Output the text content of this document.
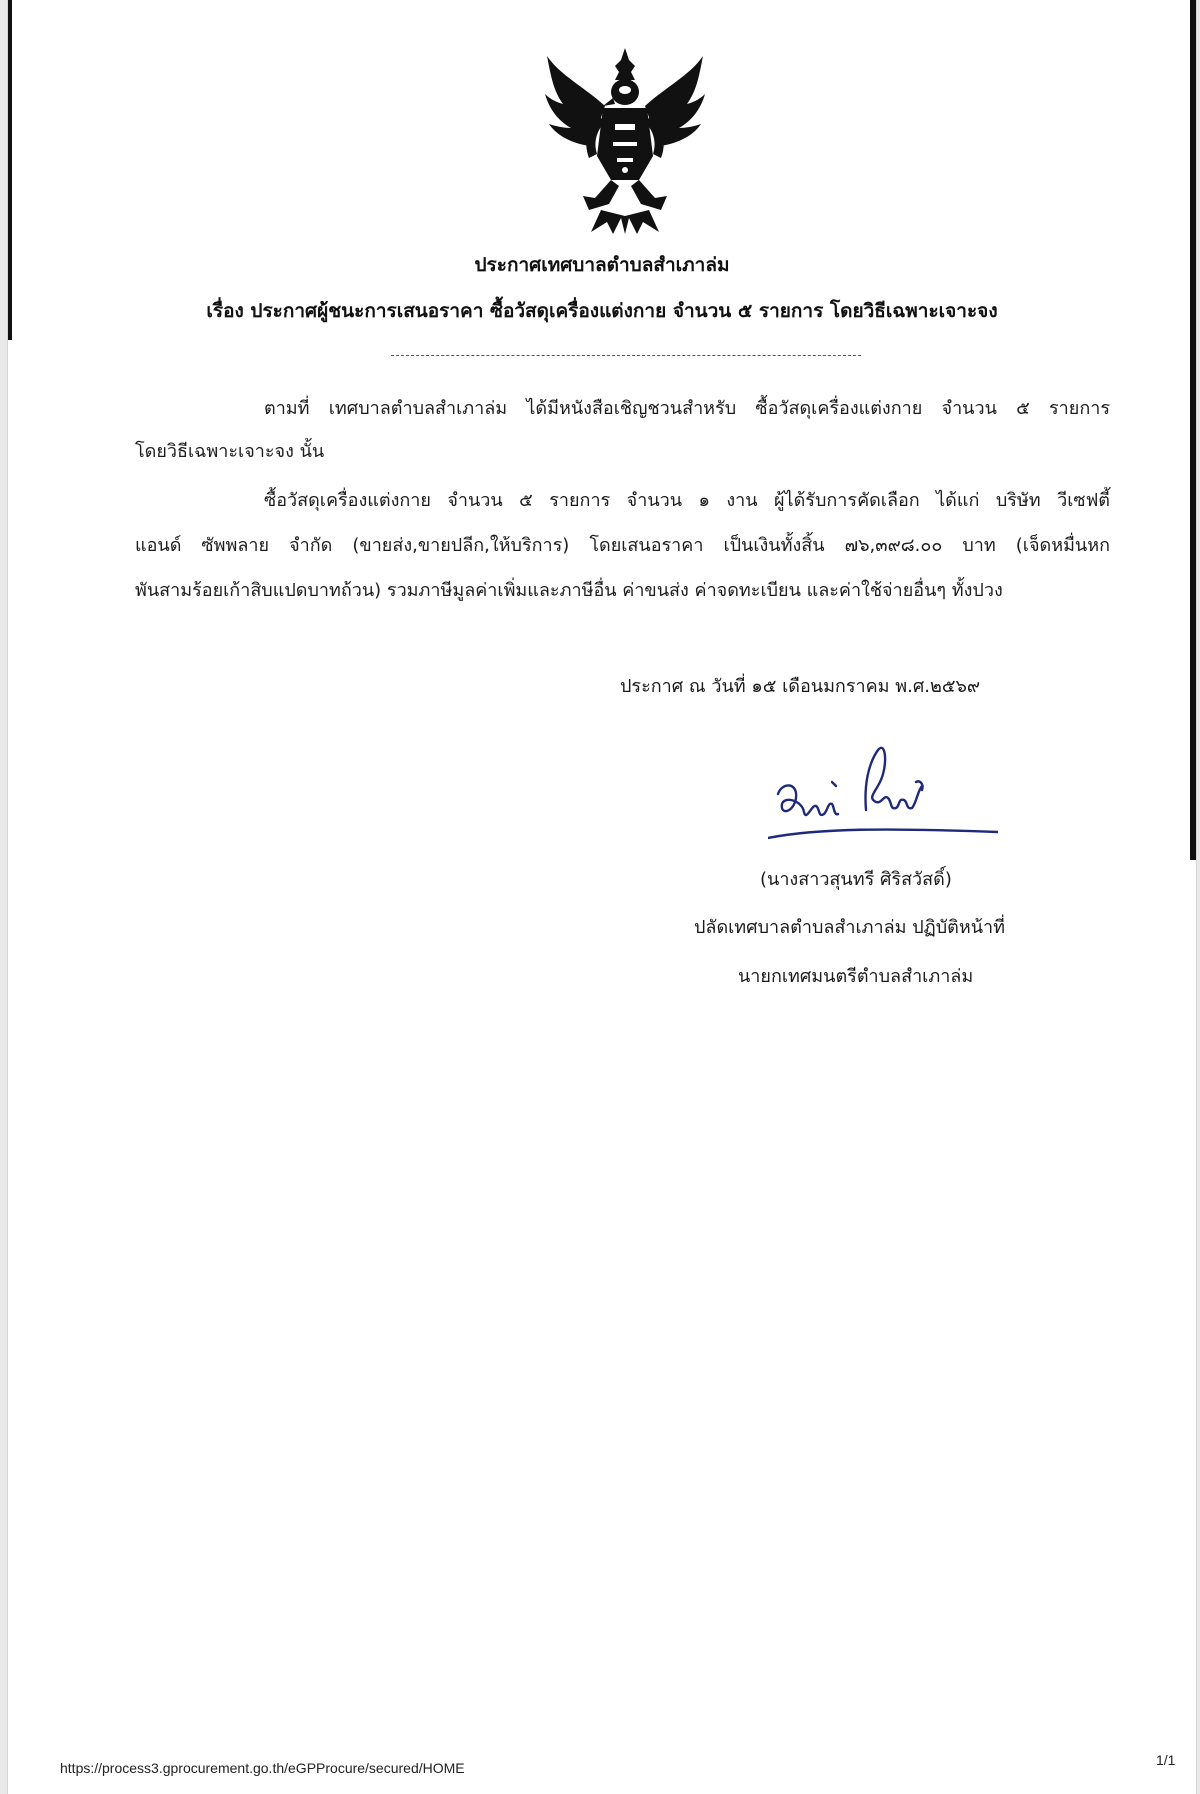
ประกาศเทศบาลตำบลสำเภาล่ม
เรื่อง ประกาศผู้ชนะการเสนอราคา ซื้อวัสดุเครื่องแต่งกาย จำนวน ๕ รายการ โดยวิธีเฉพาะเจาะจง
ตามที่ เทศบาลตำบลสำเภาล่ม ได้มีหนังสือเชิญชวนสำหรับ ซื้อวัสดุเครื่องแต่งกาย จำนวน ๕ รายการ
โดยวิธีเฉพาะเจาะจง นั้น
ซื้อวัสดุเครื่องแต่งกาย จำนวน ๕ รายการ จำนวน ๑ งาน ผู้ได้รับการคัดเลือก ได้แก่ บริษัท วีเซฟตี้
แอนด์ ซัพพลาย จำกัด (ขายส่ง,ขายปลีก,ให้บริการ) โดยเสนอราคา เป็นเงินทั้งสิ้น ๗๖,๓๙๘.๐๐ บาท (เจ็ดหมื่นหก
พันสามร้อยเก้าสิบแปดบาทถ้วน) รวมภาษีมูลค่าเพิ่มและภาษีอื่น ค่าขนส่ง ค่าจดทะเบียน และค่าใช้จ่ายอื่นๆ ทั้งปวง
ประกาศ ณ วันที่ ๑๕ เดือนมกราคม พ.ศ.๒๕๖๙
(นางสาวสุนทรี ศิริสวัสดิ์)
ปลัดเทศบาลตำบลสำเภาล่ม ปฏิบัติหน้าที่
นายกเทศมนตรีตำบลสำเภาล่ม
https://process3.gprocurement.go.th/eGPProcure/secured/HOME	1/1
